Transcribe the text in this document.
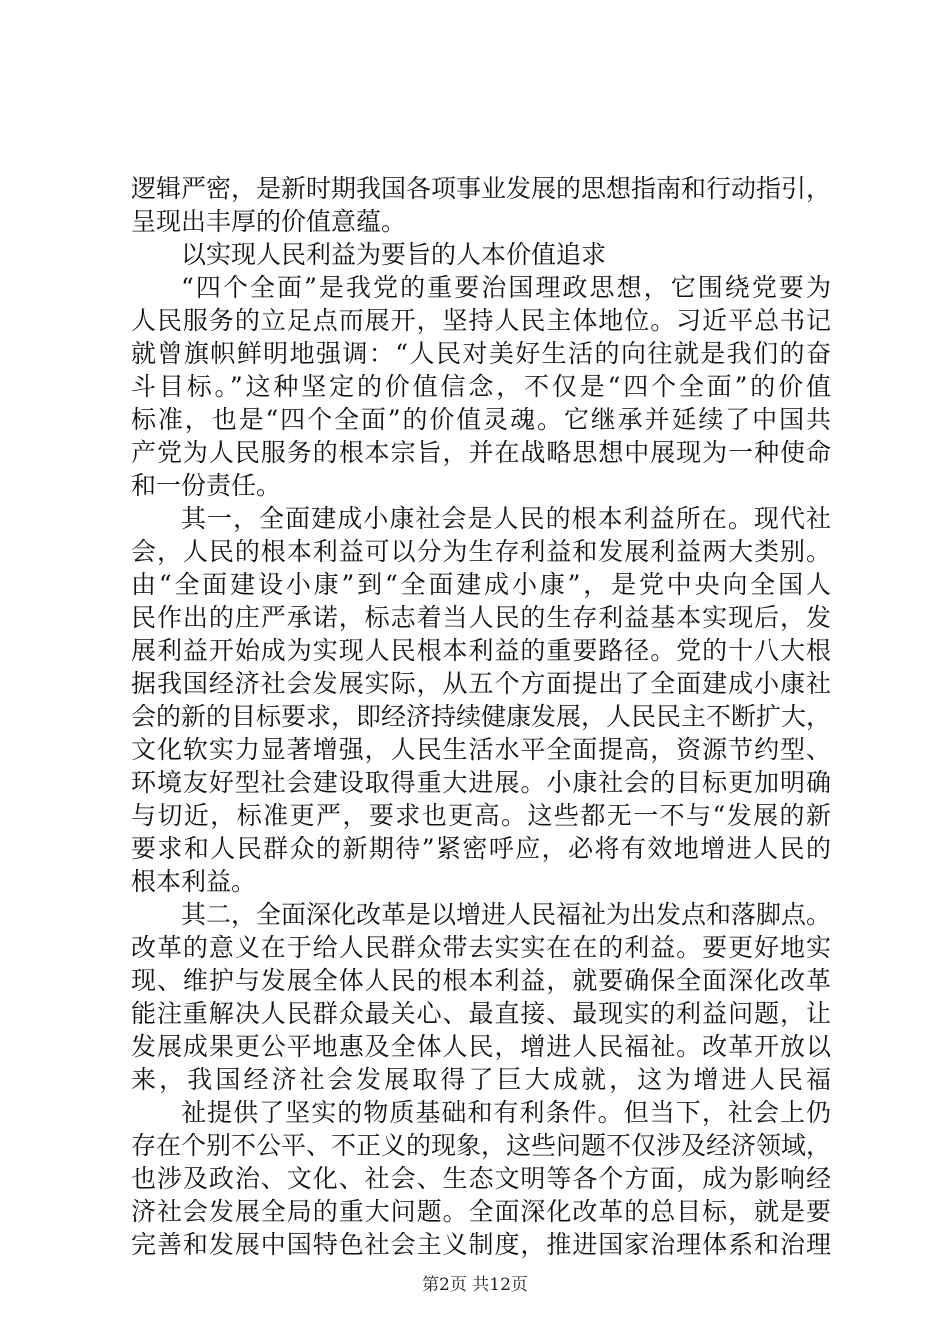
逻辑严密，是新时期我国各项事业发展的思想指南和行动指引，
呈现出丰厚的价值意蕴。
以实现人民利益为要旨的人本价值追求
“四个全面”是我党的重要治国理政思想，它围绕党要为
人民服务的立足点而展开，坚持人民主体地位。习近平总书记
就曾旗帜鲜明地强调：“人民对美好生活的向往就是我们的奋
斗目标。”这种坚定的价值信念，不仅是“四个全面”的价值
标准，也是“四个全面”的价值灵魂。它继承并延续了中国共
产党为人民服务的根本宗旨，并在战略思想中展现为一种使命
和一份责任。
其一，全面建成小康社会是人民的根本利益所在。现代社
会，人民的根本利益可以分为生存利益和发展利益两大类别。
由“全面建设小康”到“全面建成小康”，是党中央向全国人
民作出的庄严承诺，标志着当人民的生存利益基本实现后，发
展利益开始成为实现人民根本利益的重要路径。党的十八大根
据我国经济社会发展实际，从五个方面提出了全面建成小康社
会的新的目标要求，即经济持续健康发展，人民民主不断扩大，
文化软实力显著增强，人民生活水平全面提高，资源节约型、
环境友好型社会建设取得重大进展。小康社会的目标更加明确
与切近，标准更严，要求也更高。这些都无一不与“发展的新
要求和人民群众的新期待”紧密呼应，必将有效地增进人民的
根本利益。
其二，全面深化改革是以增进人民福祉为出发点和落脚点。
改革的意义在于给人民群众带去实实在在的利益。要更好地实
现、维护与发展全体人民的根本利益，就要确保全面深化改革
能注重解决人民群众最关心、最直接、最现实的利益问题，让
发展成果更公平地惠及全体人民，增进人民福祉。改革开放以
来，我国经济社会发展取得了巨大成就，这为增进人民福
祉提供了坚实的物质基础和有利条件。但当下，社会上仍
存在个别不公平、不正义的现象，这些问题不仅涉及经济领域，
也涉及政治、文化、社会、生态文明等各个方面，成为影响经
济社会发展全局的重大问题。全面深化改革的总目标，就是要
完善和发展中国特色社会主义制度，推进国家治理体系和治理
第2页 共12页
